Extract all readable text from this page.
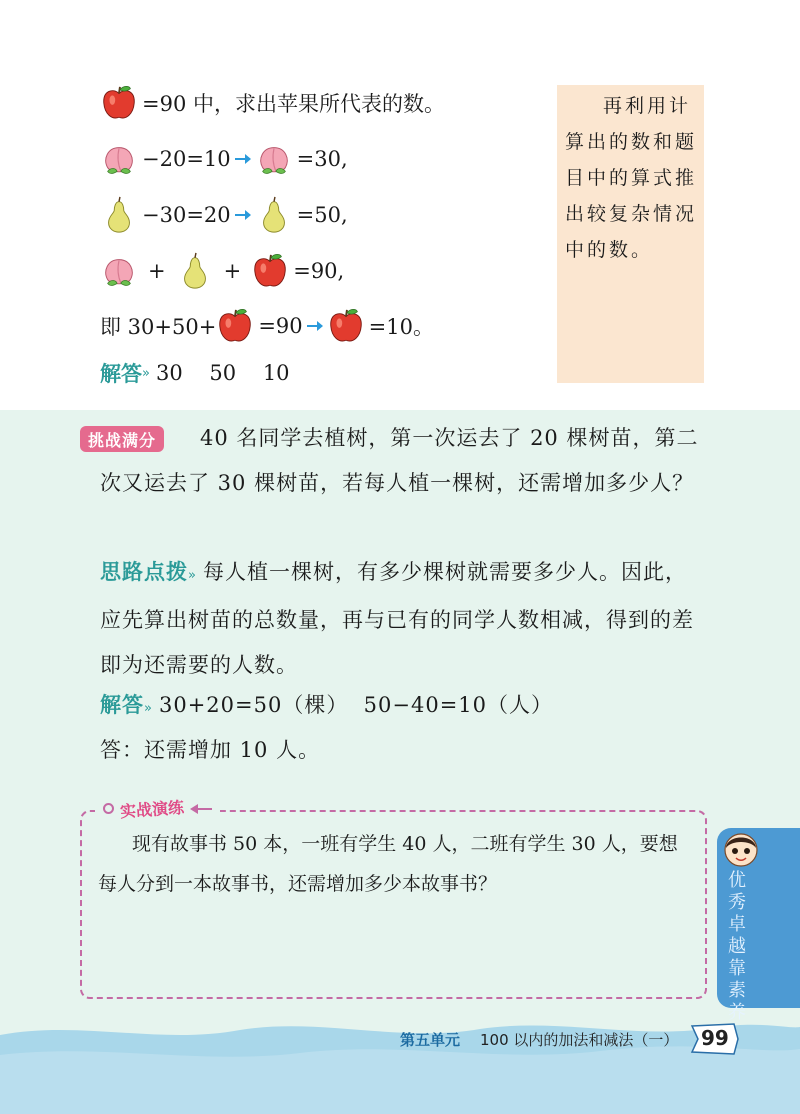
=90 中，求出苹果所代表的数。
−20=10	=30,
−30=20	=50,
+	+ =90,
即 30+50+ =90	=10。
解答 » 30    50    10
再利用计算出的数和题目中的算式推出较复杂情况中的数。
挑战满分	40 名同学去植树，第一次运去了 20 棵树苗，第二次又运去了 30 棵树苗，若每人植一棵树，还需增加多少人？
思路点拨» 每人植一棵树，有多少棵树就需要多少人。因此，应先算出树苗的总数量，再与已有的同学人数相减，得到的差即为还需要的人数。
解答» 30+20=50（棵）  50−40=10（人）
答：还需增加 10 人。
实战演练
现有故事书 50 本，一班有学生 40 人，二班有学生 30 人，要想每人分到一本故事书，还需增加多少本故事书？	优秀卓越靠素养
第五单元 100 以内的加法和减法（一） 99
